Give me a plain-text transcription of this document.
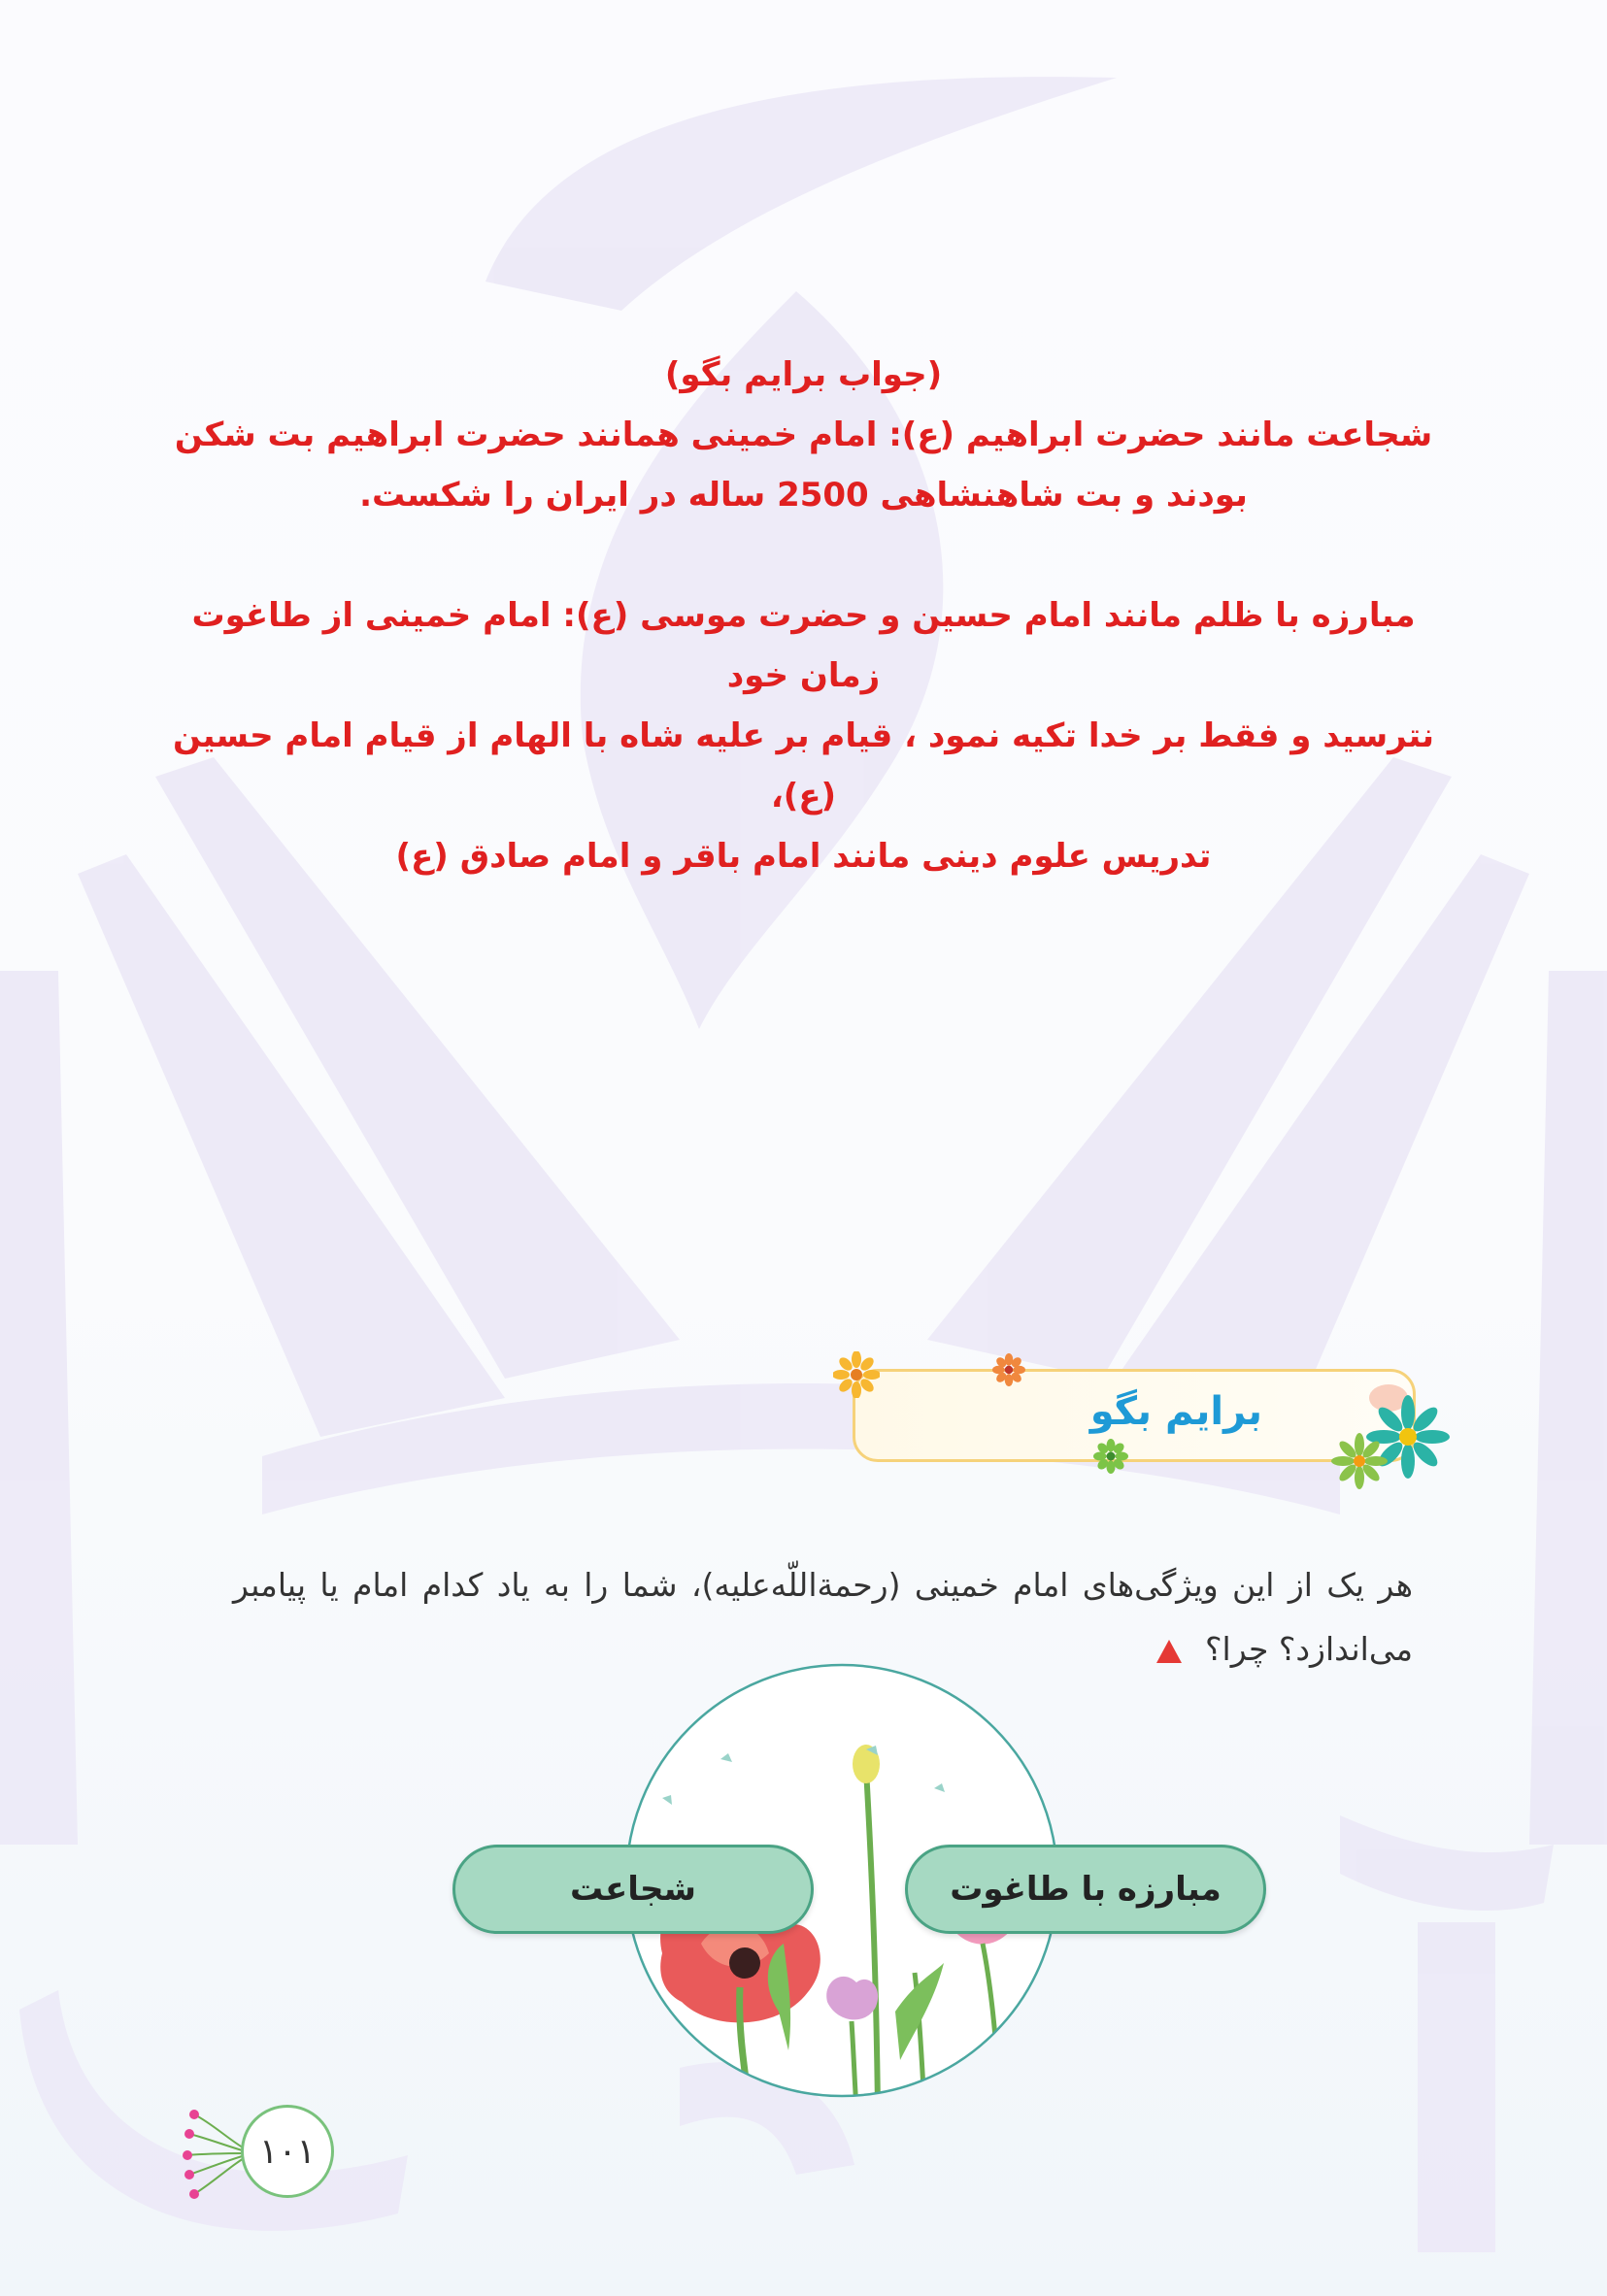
(جواب برایم بگو)

شجاعت مانند حضرت ابراهیم (ع): امام خمینی همانند حضرت ابراهیم بت شکن

بودند و بت شاهنشاهی 2500 ساله در ایران را شکست.

مبارزه با ظلم مانند امام حسین و حضرت موسی (ع): امام خمینی از طاغوت زمان خود

نترسید و فقط بر خدا تکیه نمود ، قیام بر علیه شاه با الهام از قیام امام حسین (ع)،

تدریس علوم دینی مانند امام باقر و امام صادق (ع)

برایم بگو
هر یک از این ویژگی‌های امام خمینی (رحمة‌اللّه‌علیه)، شما را به یاد کدام امام یا پیامبر می‌اندازد؟ چرا؟
مبارزه با طاغوت
شجاعت
۱۰۱
